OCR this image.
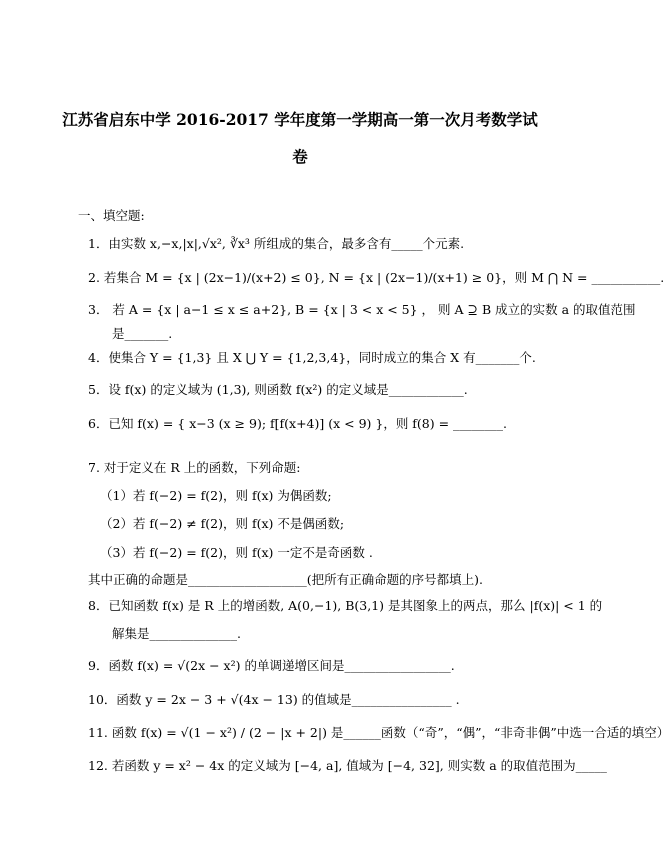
江苏省启东中学 2016-2017 学年度第一学期高一第一次月考数学试
卷
一、填空题:
1．由实数 x,−x,|x|,√x², ∛x³ 所组成的集合，最多含有_____个元素.
2. 若集合 M = {x | (2x−1)/(x+2) ≤ 0}, N = {x | (2x−1)/(x+1) ≥ 0}，则 M ⋂ N = ___________.
3． 若 A = {x | a−1 ≤ x ≤ a+2}, B = {x | 3 < x < 5} ， 则 A ⊇ B 成立的实数 a 的取值范围
是_______.
4．使集合 Y = {1,3} 且 X ⋃ Y = {1,2,3,4}，同时成立的集合 X 有_______个.
5．设 f(x) 的定义域为 (1,3), 则函数 f(x²) 的定义域是____________.
6．已知 f(x) = { x−3 (x ≥ 9); f[f(x+4)] (x < 9) }，则 f(8) = ________.
7. 对于定义在 R 上的函数，下列命题:
（1）若 f(−2) = f(2)，则 f(x) 为偶函数;
（2）若 f(−2) ≠ f(2)，则 f(x) 不是偶函数;
（3）若 f(−2) = f(2)，则 f(x) 一定不是奇函数 .
其中正确的命题是___________________(把所有正确命题的序号都填上).
8．已知函数 f(x) 是 R 上的增函数, A(0,−1), B(3,1) 是其图象上的两点，那么 |f(x)| < 1 的
解集是______________.
9．函数 f(x) = √(2x − x²) 的单调递增区间是_________________.
10．函数 y = 2x − 3 + √(4x − 13) 的值域是________________ .
11. 函数 f(x) = √(1 − x²) / (2 − |x + 2|) 是______函数（“奇”，“偶”，“非奇非偶”中选一合适的填空）
12. 若函数 y = x² − 4x 的定义域为 [−4, a], 值域为 [−4, 32], 则实数 a 的取值范围为_____
